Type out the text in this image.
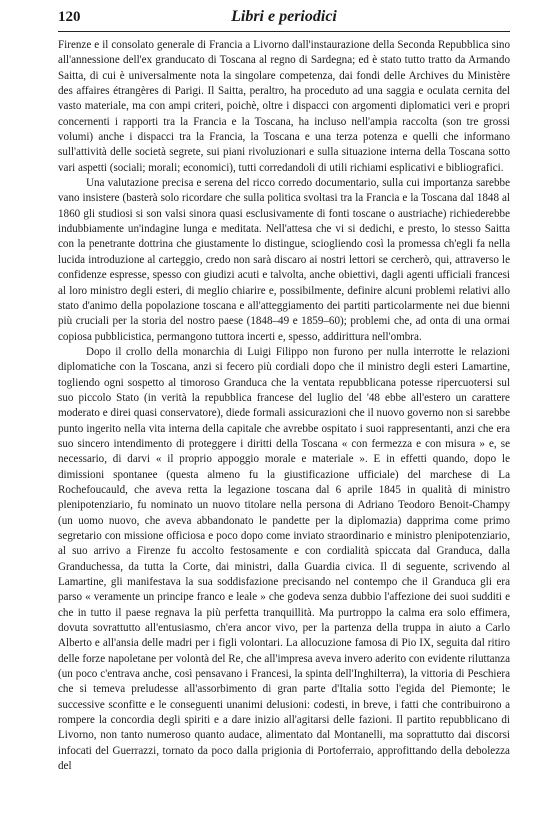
120	Libri e periodici

Firenze e il consolato generale di Francia a Livorno dall'instaurazione della Seconda Repubblica sino all'annessione dell'ex granducato di Toscana al regno di Sardegna; ed è stato tutto tratto da Armando Saitta, di cui è universalmente nota la singolare competenza, dai fondi delle Archives du Ministère des affaires étrangères di Parigi. Il Saitta, peraltro, ha proceduto ad una saggia e oculata cernita del vasto materiale, ma con ampi criteri, poichè, oltre i dispacci con argomenti diplomatici veri e propri concernenti i rapporti tra la Francia e la Toscana, ha incluso nell'ampia raccolta (son tre grossi volumi) anche i dispacci tra la Francia, la Toscana e una terza potenza e quelli che informano sull'attività delle società segrete, sui piani rivoluzionari e sulla situazione interna della Toscana sotto vari aspetti (sociali; morali; economici), tutti corredandoli di utili richiami esplicativi e bibliografici.

Una valutazione precisa e serena del ricco corredo documentario, sulla cui importanza sarebbe vano insistere (basterà solo ricordare che sulla politica svoltasi tra la Francia e la Toscana dal 1848 al 1860 gli studiosi si son valsi sinora quasi esclusivamente di fonti toscane o austriache) richiederebbe indubbiamente un'indagine lunga e meditata. Nell'attesa che vi si dedichi, e presto, lo stesso Saitta con la penetrante dottrina che giustamente lo distingue, sciogliendo così la promessa ch'egli fa nella lucida introduzione al carteggio, credo non sarà discaro ai nostri lettori se cercherò, qui, attraverso le confidenze espresse, spesso con giudizi acuti e talvolta, anche obiettivi, dagli agenti ufficiali francesi al loro ministro degli esteri, di meglio chiarire e, possibilmente, definire alcuni problemi relativi allo stato d'animo della popolazione toscana e all'atteggiamento dei partiti particolarmente nei due bienni più cruciali per la storia del nostro paese (1848–49 e 1859–60); problemi che, ad onta di una ormai copiosa pubblicistica, permangono tuttora incerti e, spesso, addirittura nell'ombra.

Dopo il crollo della monarchia di Luigi Filippo non furono per nulla interrotte le relazioni diplomatiche con la Toscana, anzi si fecero più cordiali dopo che il ministro degli esteri Lamartine, togliendo ogni sospetto al timoroso Granduca che la ventata repubblicana potesse ripercuotersi sul suo piccolo Stato (in verità la repubblica francese del luglio del '48 ebbe all'estero un carattere moderato e direi quasi conservatore), diede formali assicurazioni che il nuovo governo non si sarebbe punto ingerito nella vita interna della capitale che avrebbe ospitato i suoi rappresentanti, anzi che era suo sincero intendimento di proteggere i diritti della Toscana « con fermezza e con misura » e, se necessario, di darvi « il proprio appoggio morale e materiale ». E in effetti quando, dopo le dimissioni spontanee (questa almeno fu la giustificazione ufficiale) del marchese di La Rochefoucauld, che aveva retta la legazione toscana dal 6 aprile 1845 in qualità di ministro plenipotenziario, fu nominato un nuovo titolare nella persona di Adriano Teodoro Benoit-Champy (un uomo nuovo, che aveva abbandonato le pandette per la diplomazia) dapprima come primo segretario con missione officiosa e poco dopo come inviato straordinario e ministro plenipotenziario, al suo arrivo a Firenze fu accolto festosamente e con cordialità spiccata dal Granduca, dalla Granduchessa, da tutta la Corte, dai ministri, dalla Guardia civica. Il di seguente, scrivendo al Lamartine, gli manifestava la sua soddisfazione precisando nel contempo che il Granduca gli era parso « veramente un principe franco e leale » che godeva senza dubbio l'affezione dei suoi sudditi e che in tutto il paese regnava la più perfetta tranquillità. Ma purtroppo la calma era solo effimera, dovuta sovrattutto all'entusiasmo, ch'era ancor vivo, per la partenza della truppa in aiuto a Carlo Alberto e all'ansia delle madri per i figli volontari. La allocuzione famosa di Pio IX, seguita dal ritiro delle forze napoletane per volontà del Re, che all'impresa aveva invero aderito con evidente riluttanza (un poco c'entrava anche, così pensavano i Francesi, la spinta dell'Inghilterra), la vittoria di Peschiera che si temeva preludesse all'assorbimento di gran parte d'Italia sotto l'egida del Piemonte; le successive sconfitte e le conseguenti unanimi delusioni: codesti, in breve, i fatti che contribuirono a rompere la concordia degli spiriti e a dare inizio all'agitarsi delle fazioni. Il partito repubblicano di Livorno, non tanto numeroso quanto audace, alimentato dal Montanelli, ma soprattutto dai discorsi infocati del Guerrazzi, tornato da poco dalla prigionia di Portoferraio, approfittando della debolezza del
